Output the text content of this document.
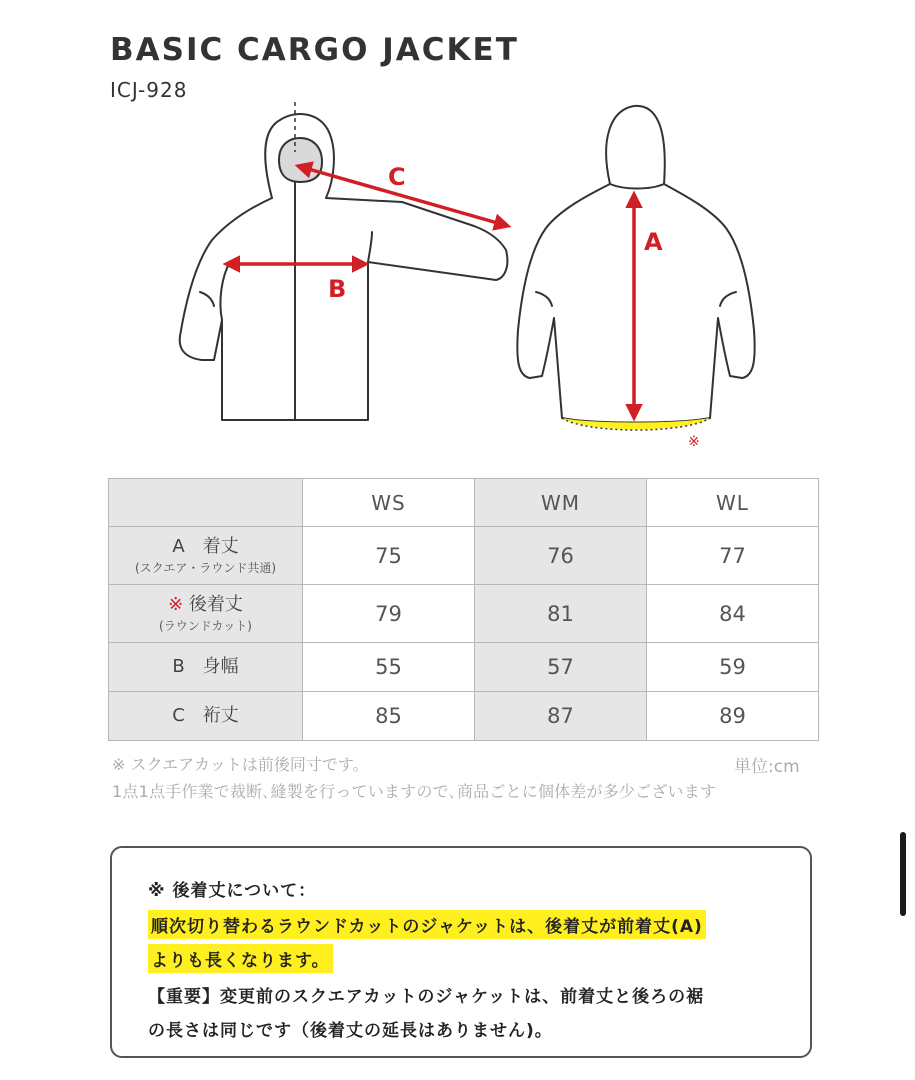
BASIC CARGO JACKET
ICJ-928
C
B
※
A
	WS	WM	WL

A　着丈
(スクエア・ラウンド共通)	75	76	77

※ 後着丈
(ラウンドカット)	79	81	84

B　身幅	55	57	59

C　裄丈	85	87	89
※ スクエアカットは前後同寸です。	単位:cm
1点1点手作業で裁断､縫製を行っていますので､商品ごとに個体差が多少ございます
※ 後着丈について：
順次切り替わるラウンドカットのジャケットは、後着丈が前着丈(A)
よりも長くなります。
【重要】変更前のスクエアカットのジャケットは、前着丈と後ろの裾
の長さは同じです（後着丈の延長はありません)。
